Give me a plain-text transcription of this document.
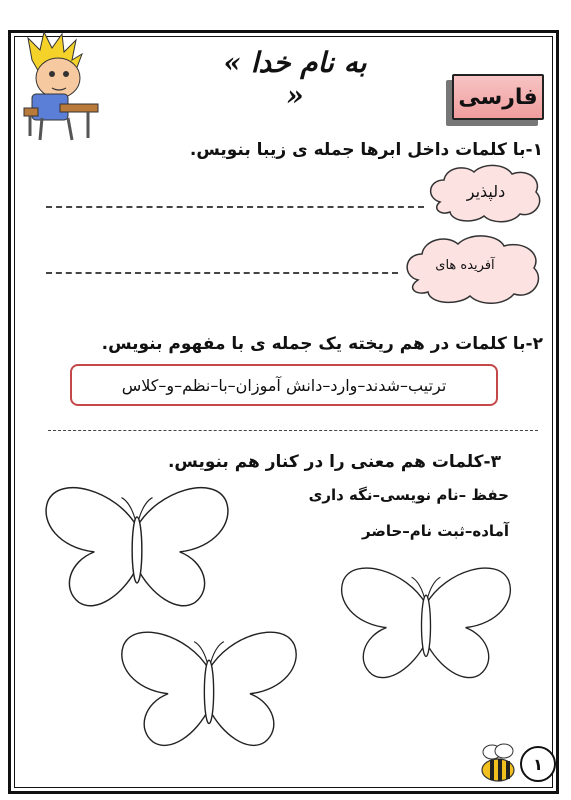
« به نام خدا »	فارسی
۱-با کلمات داخل ابرها جمله ی زیبا بنویس.
دلپذیر
آفریده های
۲-با کلمات در هم ریخته یک جمله ی با مفهوم بنویس.
ترتیب–شدند–وارد–دانش آموزان–با–نظم–و–کلاس
۳-کلمات هم معنی را در کنار هم بنویس.
حفظ –نام نویسی–نگه داری
آماده–ثبت نام–حاضر
۱
